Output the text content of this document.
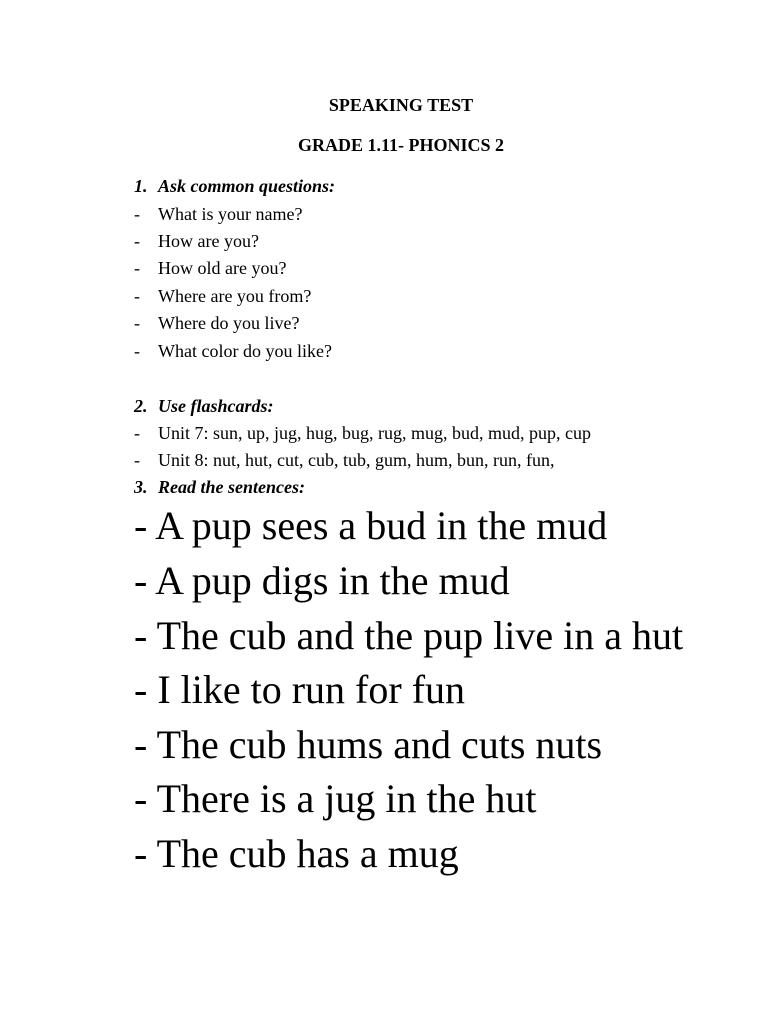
SPEAKING TEST
GRADE 1.11- PHONICS 2
1. Ask common questions:
- What is your name?
- How are you?
- How old are you?
- Where are you from?
- Where do you live?
- What color do you like?
2. Use flashcards:
- Unit 7: sun, up, jug, hug, bug, rug, mug, bud, mud, pup, cup
- Unit 8: nut, hut, cut, cub, tub, gum, hum, bun, run, fun,
3. Read the sentences:
- A pup sees a bud in the mud
- A pup digs in the mud
- The cub and the pup live in a hut
- I like to run for fun
- The cub hums and cuts nuts
- There is a jug in the hut
- The cub has a mug
